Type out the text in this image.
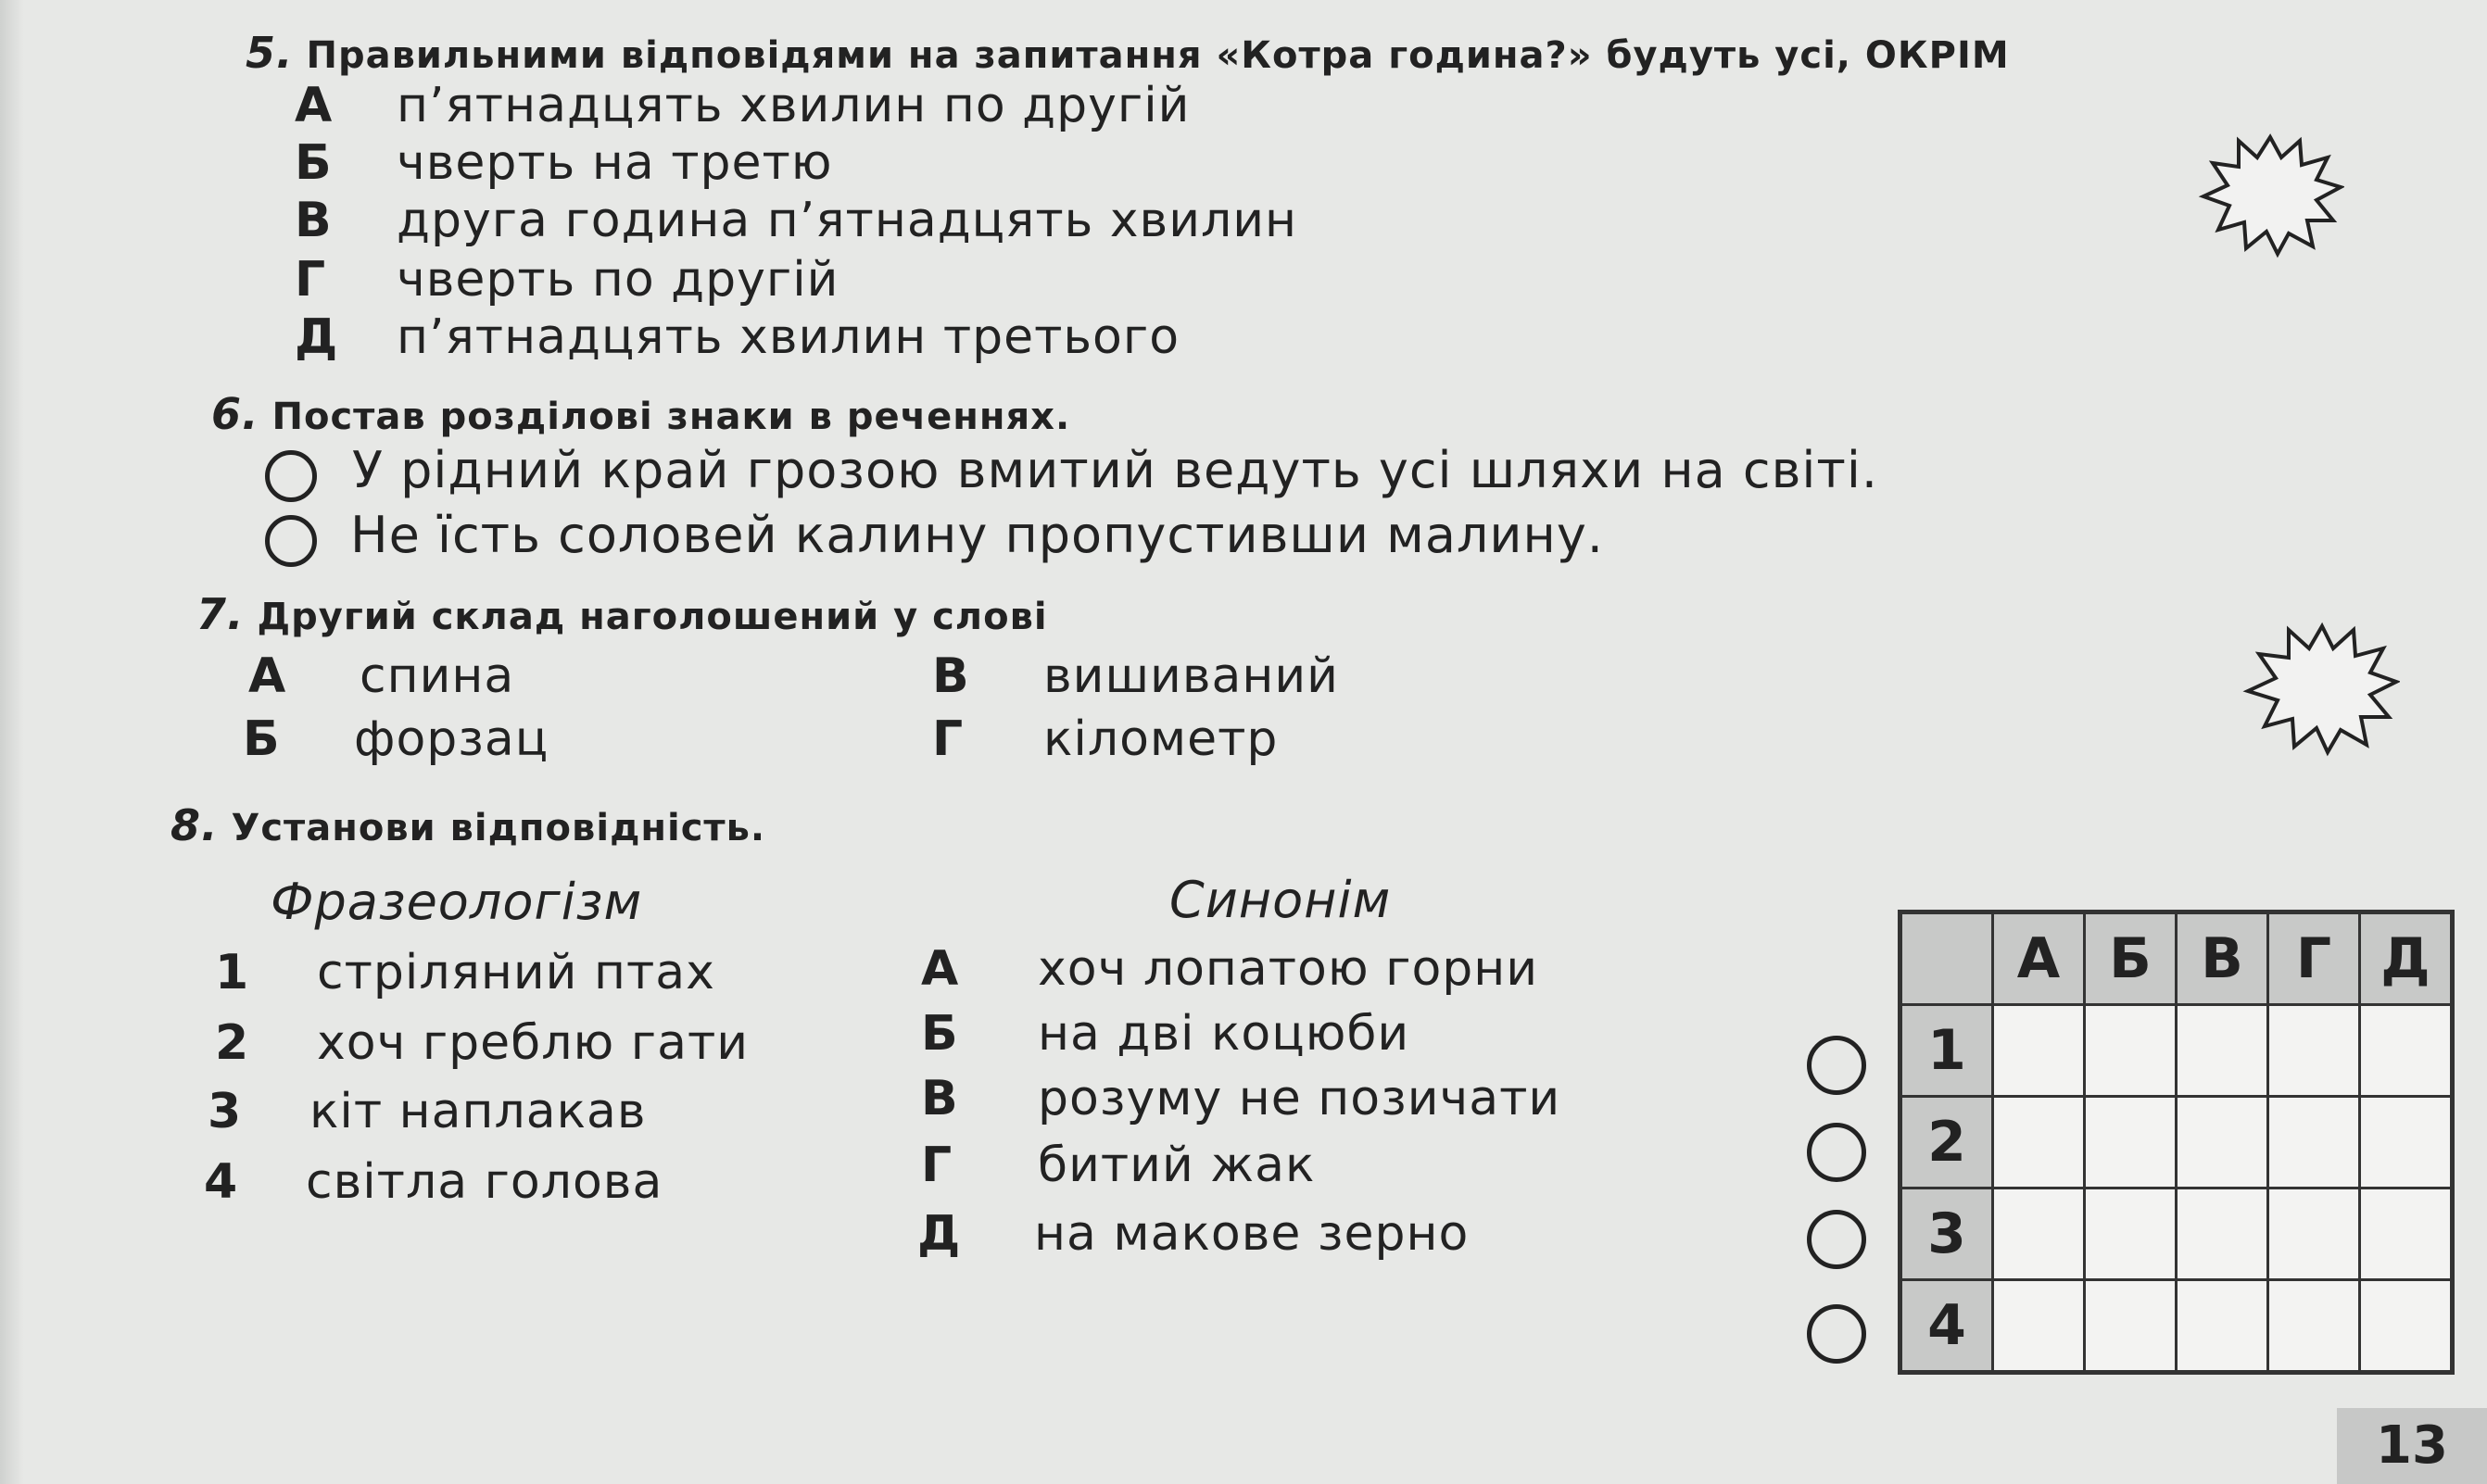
5. Правильними відповідями на запитання «Котра година?» будуть усі, ОКРІМ
А п’ятнадцять хвилин по другій
Б чверть на третю
В друга година п’ятнадцять хвилин
Г чверть по другій
Д п’ятнадцять хвилин третього
6. Постав розділові знаки в реченнях.
У рідний край грозою вмитий ведуть усі шляхи на світі.
Не їсть соловей калину пропустивши малину.
7. Другий склад наголошений у слові
А спина
Б форзац
В вишиваний
Г кілометр
8. Установи відповідність.
Фразеологізм	Синонім
1 стріляний птах
2 хоч греблю гати
3 кіт наплакав
4 світла голова
А хоч лопатою горни
Б на дві коцюби
В розуму не позичати
Г битий жак
Д на макове зерно
	А	Б	В	Г	Д
1					
2					
3					
4					
13
